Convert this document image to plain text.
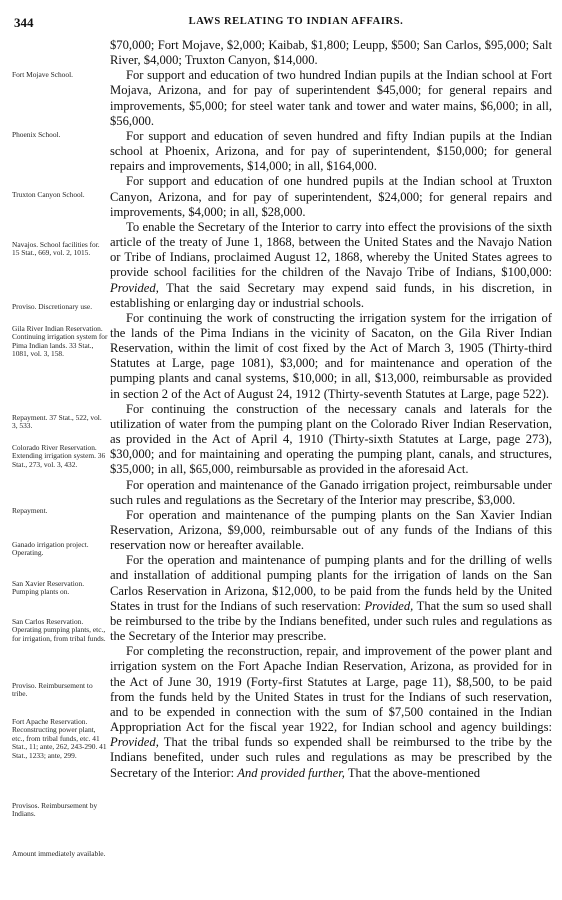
344	LAWS RELATING TO INDIAN AFFAIRS.
Fort Mojave School.
Phoenix School.
Truxton Canyon School.
Navajos. School facilities for. 15 Stat., 669, vol. 2, 1015.
Proviso. Discretionary use.
Gila River Indian Reservation. Continuing irrigation system for Pima Indian lands. 33 Stat., 1081, vol. 3, 158.
Repayment. 37 Stat., 522, vol. 3, 533.
Colorado River Reservation. Extending irrigation system. 36 Stat., 273, vol. 3, 432.
Repayment.
Ganado irrigation project. Operating.
San Xavier Reservation. Pumping plants on.
San Carlos Reservation. Operating pumping plants, etc., for irrigation, from tribal funds.
Proviso. Reimbursement to tribe.
Fort Apache Reservation. Reconstructing power plant, etc., from tribal funds, etc. 41 Stat., 11; ante, 262, 243-290. 41 Stat., 1233; ante, 299.
Provisos. Reimbursement by Indians.
Amount immediately available.

$70,000; Fort Mojave, $2,000; Kaibab, $1,800; Leupp, $500; San Carlos, $95,000; Salt River, $4,000; Truxton Canyon, $14,000.

For support and education of two hundred Indian pupils at the Indian school at Fort Mojava, Arizona, and for pay of superintendent $45,000; for general repairs and improvements, $5,000; for steel water tank and tower and water mains, $6,000; in all, $56,000.

For support and education of seven hundred and fifty Indian pupils at the Indian school at Phoenix, Arizona, and for pay of superintendent, $150,000; for general repairs and improvements, $14,000; in all, $164,000.

For support and education of one hundred pupils at the Indian school at Truxton Canyon, Arizona, and for pay of superintendent, $24,000; for general repairs and improvements, $4,000; in all, $28,000.

To enable the Secretary of the Interior to carry into effect the provisions of the sixth article of the treaty of June 1, 1868, between the United States and the Navajo Nation or Tribe of Indians, proclaimed August 12, 1868, whereby the United States agrees to provide school facilities for the children of the Navajo Tribe of Indians, $100,000: Provided, That the said Secretary may expend said funds, in his discretion, in establishing or enlarging day or industrial schools.

For continuing the work of constructing the irrigation system for the irrigation of the lands of the Pima Indians in the vicinity of Sacaton, on the Gila River Indian Reservation, within the limit of cost fixed by the Act of March 3, 1905 (Thirty-third Statutes at Large, page 1081), $3,000; and for maintenance and operation of the pumping plants and canal systems, $10,000; in all, $13,000, reimbursable as provided in section 2 of the Act of August 24, 1912 (Thirty-seventh Statutes at Large, page 522).

For continuing the construction of the necessary canals and laterals for the utilization of water from the pumping plant on the Colorado River Indian Reservation, as provided in the Act of April 4, 1910 (Thirty-sixth Statutes at Large, page 273), $30,000; and for maintaining and operating the pumping plant, canals, and structures, $35,000; in all, $65,000, reimbursable as provided in the aforesaid Act.

For operation and maintenance of the Ganado irrigation project, reimbursable under such rules and regulations as the Secretary of the Interior may prescribe, $3,000.

For operation and maintenance of the pumping plants on the San Xavier Indian Reservation, Arizona, $9,000, reimbursable out of any funds of the Indians of this reservation now or hereafter available.

For the operation and maintenance of pumping plants and for the drilling of wells and installation of additional pumping plants for the irrigation of lands on the San Carlos Reservation in Arizona, $12,000, to be paid from the funds held by the United States in trust for the Indians of such reservation: Provided, That the sum so used shall be reimbursed to the tribe by the Indians benefited, under such rules and regulations as the Secretary of the Interior may prescribe.

For completing the reconstruction, repair, and improvement of the power plant and irrigation system on the Fort Apache Indian Reservation, Arizona, as provided for in the Act of June 30, 1919 (Forty-first Statutes at Large, page 11), $8,500, to be paid from the funds held by the United States in trust for the Indians of such reservation, and to be expended in connection with the sum of $7,500 contained in the Indian Appropriation Act for the fiscal year 1922, for Indian school and agency buildings: Provided, That the tribal funds so expended shall be reimbursed to the tribe by the Indians benefited, under such rules and regulations as may be prescribed by the Secretary of the Interior: And provided further, That the above-mentioned
